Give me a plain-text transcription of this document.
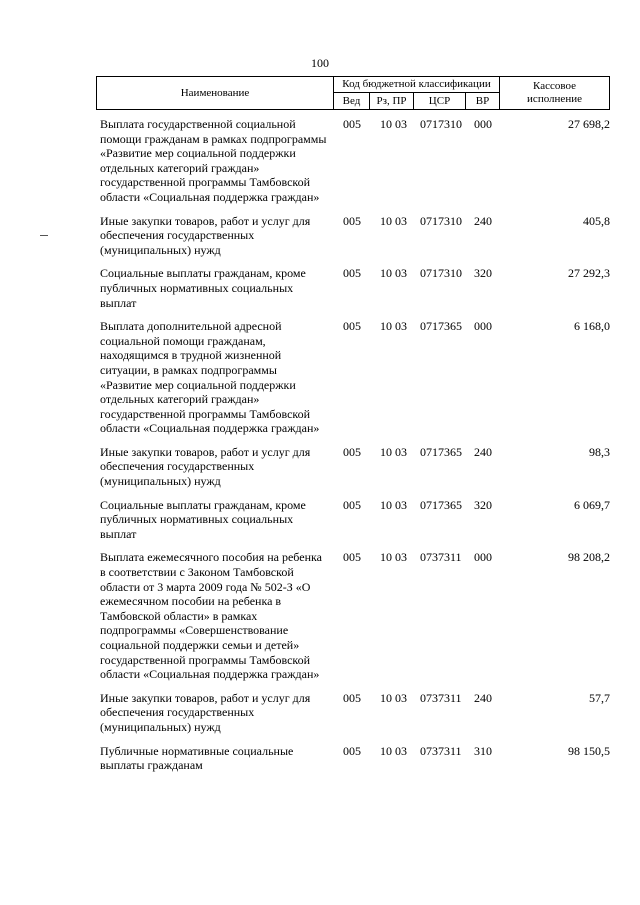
100
Наименование	Код бюджетной классификации				Кассовое
исполнение
	Вед	Рз, ПР	ЦСР	ВР	
Выплата государственной социальной помощи гражданам в рамках подпрограммы «Развитие мер социальной поддержки отдельных категорий граждан» государственной программы Тамбовской области «Социальная поддержка граждан»
005 10 03 0717310 000	27 698,2
Иные закупки товаров, работ и услуг для обеспечения государственных (муниципальных) нужд
005 10 03 0717310 240	405,8
Социальные выплаты гражданам, кроме публичных нормативных социальных выплат
005 10 03 0717310 320	27 292,3
Выплата дополнительной адресной социальной помощи гражданам, находящимся в трудной жизненной ситуации, в рамках подпрограммы «Развитие мер социальной поддержки отдельных категорий граждан» государственной программы Тамбовской области «Социальная поддержка граждан»
005 10 03 0717365 000	6 168,0
Иные закупки товаров, работ и услуг для обеспечения государственных (муниципальных) нужд
005 10 03 0717365 240	98,3
Социальные выплаты гражданам, кроме публичных нормативных социальных выплат
005 10 03 0717365 320	6 069,7
Выплата ежемесячного пособия на ребенка в соответствии с Законом Тамбовской области от 3 марта 2009 года № 502-З «О ежемесячном пособии на ребенка в Тамбовской области» в рамках подпрограммы «Совершенствование социальной поддержки семьи и детей» государственной программы Тамбовской области «Социальная поддержка граждан»
005 10 03 0737311 000	98 208,2
Иные закупки товаров, работ и услуг для обеспечения государственных (муниципальных) нужд
005 10 03 0737311 240	57,7
Публичные нормативные социальные выплаты гражданам
005 10 03 0737311 310	98 150,5
